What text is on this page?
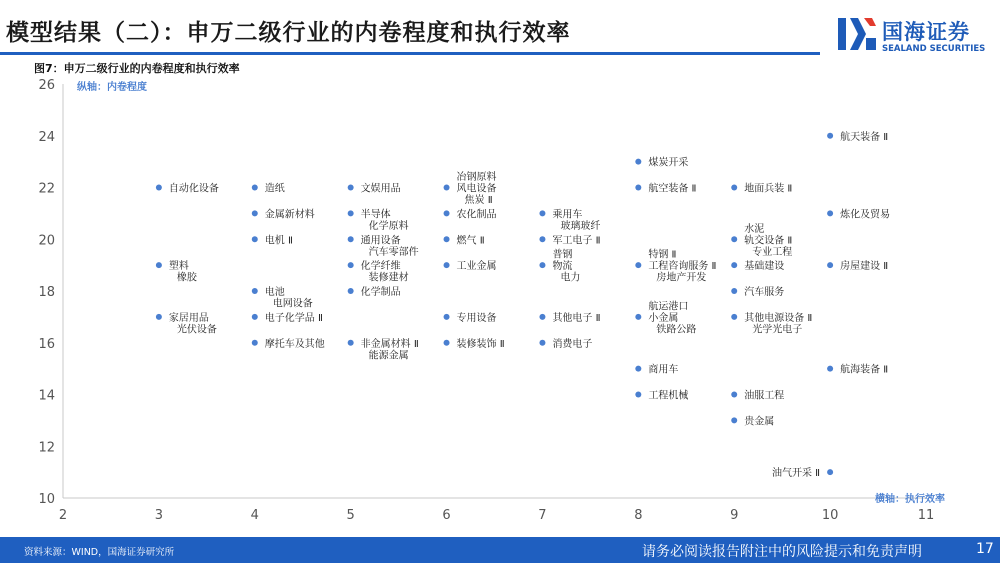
模型结果（二）：申万二级行业的内卷程度和执行效率	国海证券
SEALAND SECURITIES
图7：申万二级行业的内卷程度和执行效率
10
12
14
16
18
20
22
24
26
2	3	4	5	6	7	8	9	10	11
纵轴：内卷程度
横轴：执行效率
自动化设备
塑料
橡胶
家居用品
光伏设备
造纸
金属新材料
电机 Ⅱ
电池
电网设备
电子化学品 Ⅱ
摩托车及其他
文娱用品
半导体
化学原料
通用设备
汽车零部件
化学纤维
装修建材
化学制品
非金属材料 Ⅱ
能源金属
冶钢原料
风电设备
焦炭 Ⅱ
农化制品
燃气 Ⅱ
工业金属
专用设备
装修装饰 Ⅱ
乘用车
玻璃玻纤
军工电子 Ⅱ
普钢
物流
电力
其他电子 Ⅱ
消费电子
煤炭开采
航空装备 Ⅱ
特钢 Ⅱ
工程咨询服务 Ⅱ
房地产开发
航运港口
小金属
铁路公路
商用车
工程机械
地面兵装 Ⅱ
水泥
轨交设备 Ⅱ
专业工程
基础建设
汽车服务
其他电源设备 Ⅱ
光学光电子
油服工程
贵金属
航天装备 Ⅱ
炼化及贸易
房屋建设 Ⅱ
航海装备 Ⅱ
油气开采 Ⅱ
资料来源：WIND，国海证券研究所	请务必阅读报告附注中的风险提示和免责声明	17
